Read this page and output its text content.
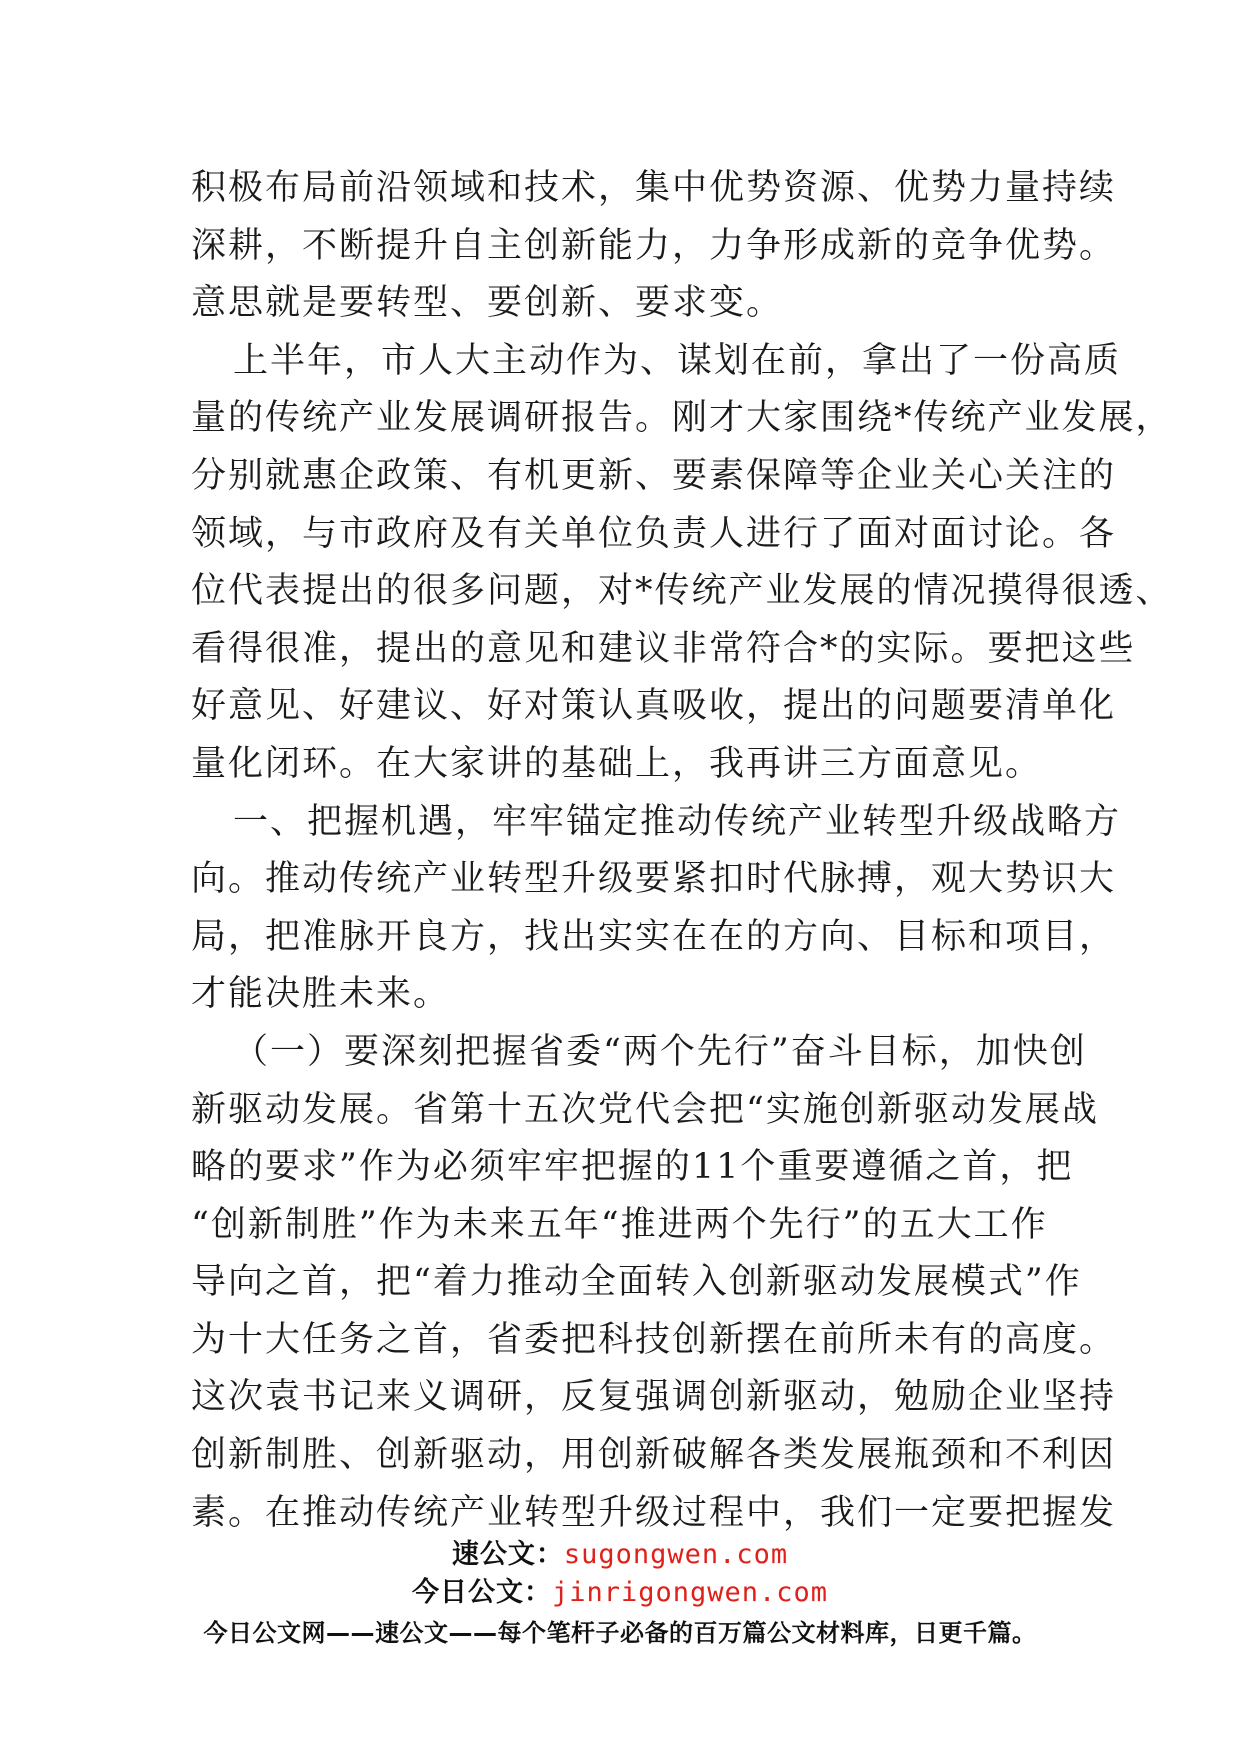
积极布局前沿领域和技术，集中优势资源、优势力量持续
深耕，不断提升自主创新能力，力争形成新的竞争优势。
意思就是要转型、要创新、要求变。
上半年，市人大主动作为、谋划在前，拿出了一份高质
量的传统产业发展调研报告。刚才大家围绕*传统产业发展，
分别就惠企政策、有机更新、要素保障等企业关心关注的
领域，与市政府及有关单位负责人进行了面对面讨论。各
位代表提出的很多问题，对*传统产业发展的情况摸得很透、
看得很准，提出的意见和建议非常符合*的实际。要把这些
好意见、好建议、好对策认真吸收，提出的问题要清单化
量化闭环。在大家讲的基础上，我再讲三方面意见。
一、把握机遇，牢牢锚定推动传统产业转型升级战略方
向。推动传统产业转型升级要紧扣时代脉搏，观大势识大
局，把准脉开良方，找出实实在在的方向、目标和项目，
才能决胜未来。
（一）要深刻把握省委“两个先行”奋斗目标，加快创
新驱动发展。省第十五次党代会把“实施创新驱动发展战
略的要求”作为必须牢牢把握的11个重要遵循之首，把
“创新制胜”作为未来五年“推进两个先行”的五大工作
导向之首，把“着力推动全面转入创新驱动发展模式”作
为十大任务之首，省委把科技创新摆在前所未有的高度。
这次袁书记来义调研，反复强调创新驱动，勉励企业坚持
创新制胜、创新驱动，用创新破解各类发展瓶颈和不利因
素。在推动传统产业转型升级过程中，我们一定要把握发
速公文：sugongwen.com
今日公文：jinrigongwen.com
今日公文网——速公文——每个笔杆子必备的百万篇公文材料库，日更千篇。
